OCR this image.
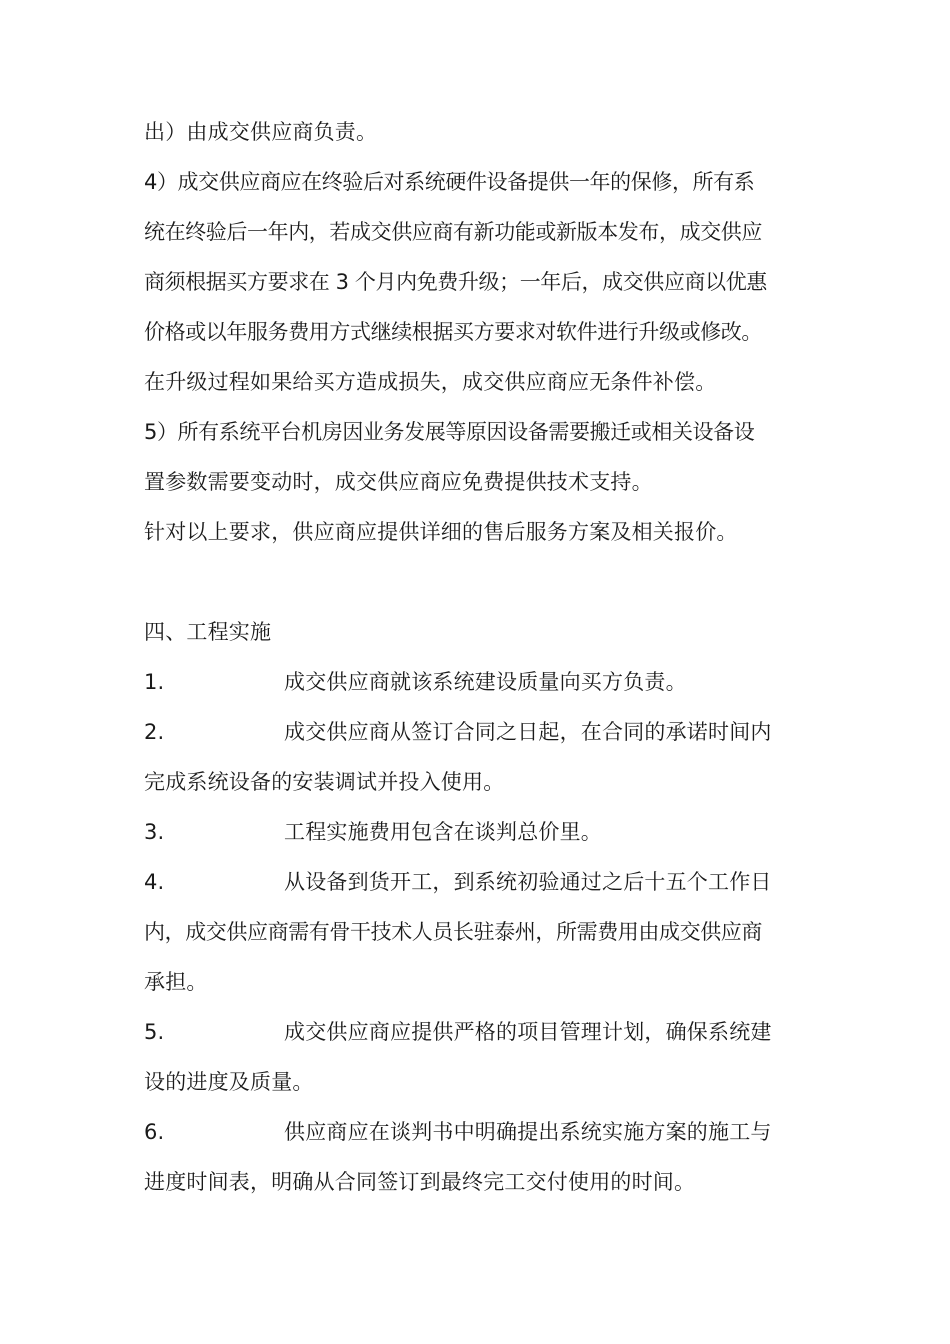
出）由成交供应商负责。
4）成交供应商应在终验后对系统硬件设备提供一年的保修，所有系
统在终验后一年内，若成交供应商有新功能或新版本发布，成交供应
商须根据买方要求在 3 个月内免费升级；一年后，成交供应商以优惠
价格或以年服务费用方式继续根据买方要求对软件进行升级或修改。
在升级过程如果给买方造成损失，成交供应商应无条件补偿。
5）所有系统平台机房因业务发展等原因设备需要搬迁或相关设备设
置参数需要变动时，成交供应商应免费提供技术支持。
针对以上要求，供应商应提供详细的售后服务方案及相关报价。
四、工程实施
1.	成交供应商就该系统建设质量向买方负责。
2.	成交供应商从签订合同之日起，在合同的承诺时间内
完成系统设备的安装调试并投入使用。
3.	工程实施费用包含在谈判总价里。
4.	从设备到货开工，到系统初验通过之后十五个工作日
内，成交供应商需有骨干技术人员长驻泰州，所需费用由成交供应商
承担。
5.	成交供应商应提供严格的项目管理计划，确保系统建
设的进度及质量。
6.	供应商应在谈判书中明确提出系统实施方案的施工与
进度时间表，明确从合同签订到最终完工交付使用的时间。
